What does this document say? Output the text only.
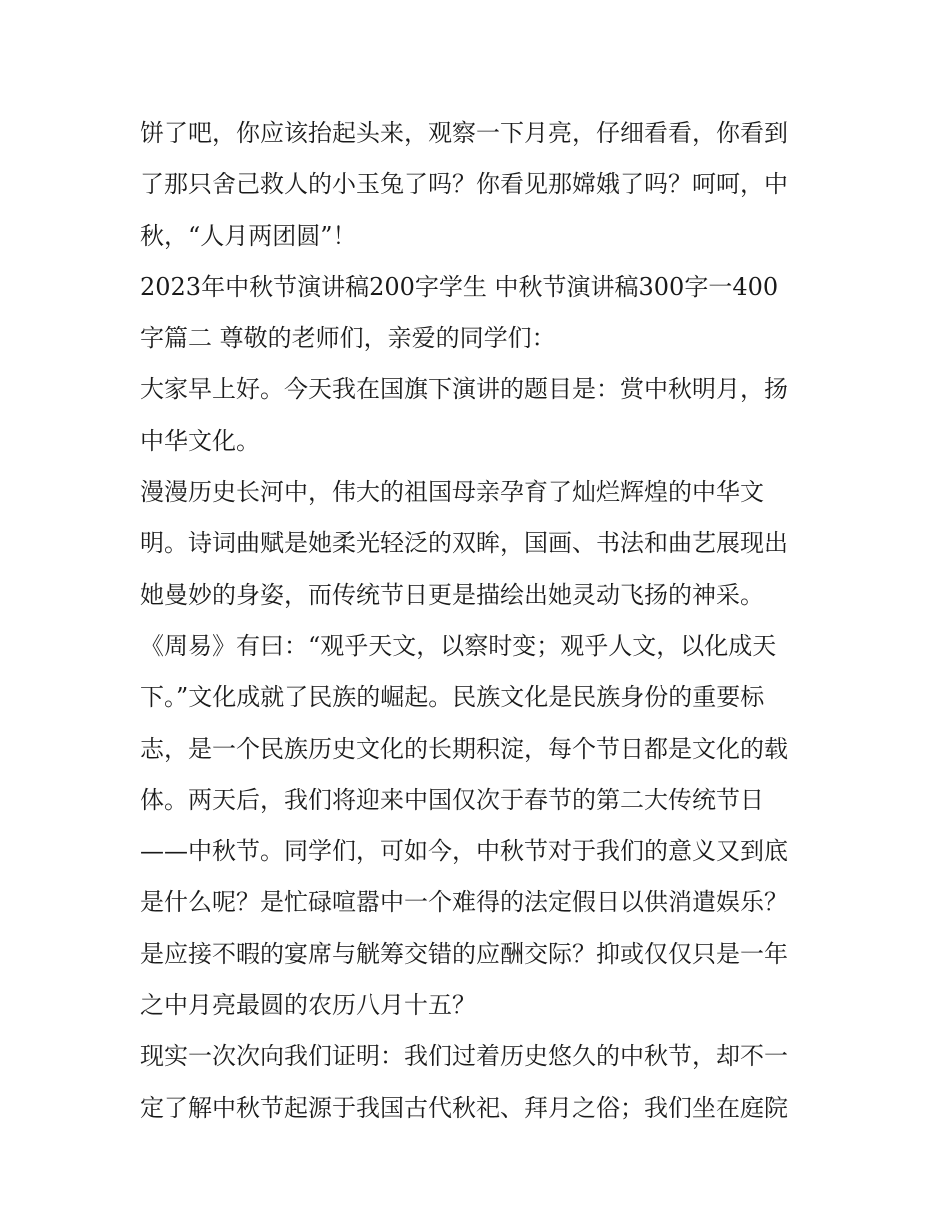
饼了吧，你应该抬起头来，观察一下月亮，仔细看看，你看到
了那只舍己救人的小玉兔了吗？你看见那嫦娥了吗？呵呵，中
秋，“人月两团圆”！
2023年中秋节演讲稿200字学生 中秋节演讲稿300字一400
字篇二 尊敬的老师们，亲爱的同学们：
大家早上好。今天我在国旗下演讲的题目是：赏中秋明月，扬
中华文化。
漫漫历史长河中，伟大的祖国母亲孕育了灿烂辉煌的中华文
明。诗词曲赋是她柔光轻泛的双眸，国画、书法和曲艺展现出
她曼妙的身姿，而传统节日更是描绘出她灵动飞扬的神采。
《周易》有曰：“观乎天文，以察时变；观乎人文，以化成天
下。”文化成就了民族的崛起。民族文化是民族身份的重要标
志，是一个民族历史文化的长期积淀，每个节日都是文化的载
体。两天后，我们将迎来中国仅次于春节的第二大传统节日
——中秋节。同学们，可如今，中秋节对于我们的意义又到底
是什么呢？是忙碌喧嚣中一个难得的法定假日以供消遣娱乐？
是应接不暇的宴席与觥筹交错的应酬交际？抑或仅仅只是一年
之中月亮最圆的农历八月十五？
现实一次次向我们证明：我们过着历史悠久的中秋节，却不一
定了解中秋节起源于我国古代秋祀、拜月之俗；我们坐在庭院
